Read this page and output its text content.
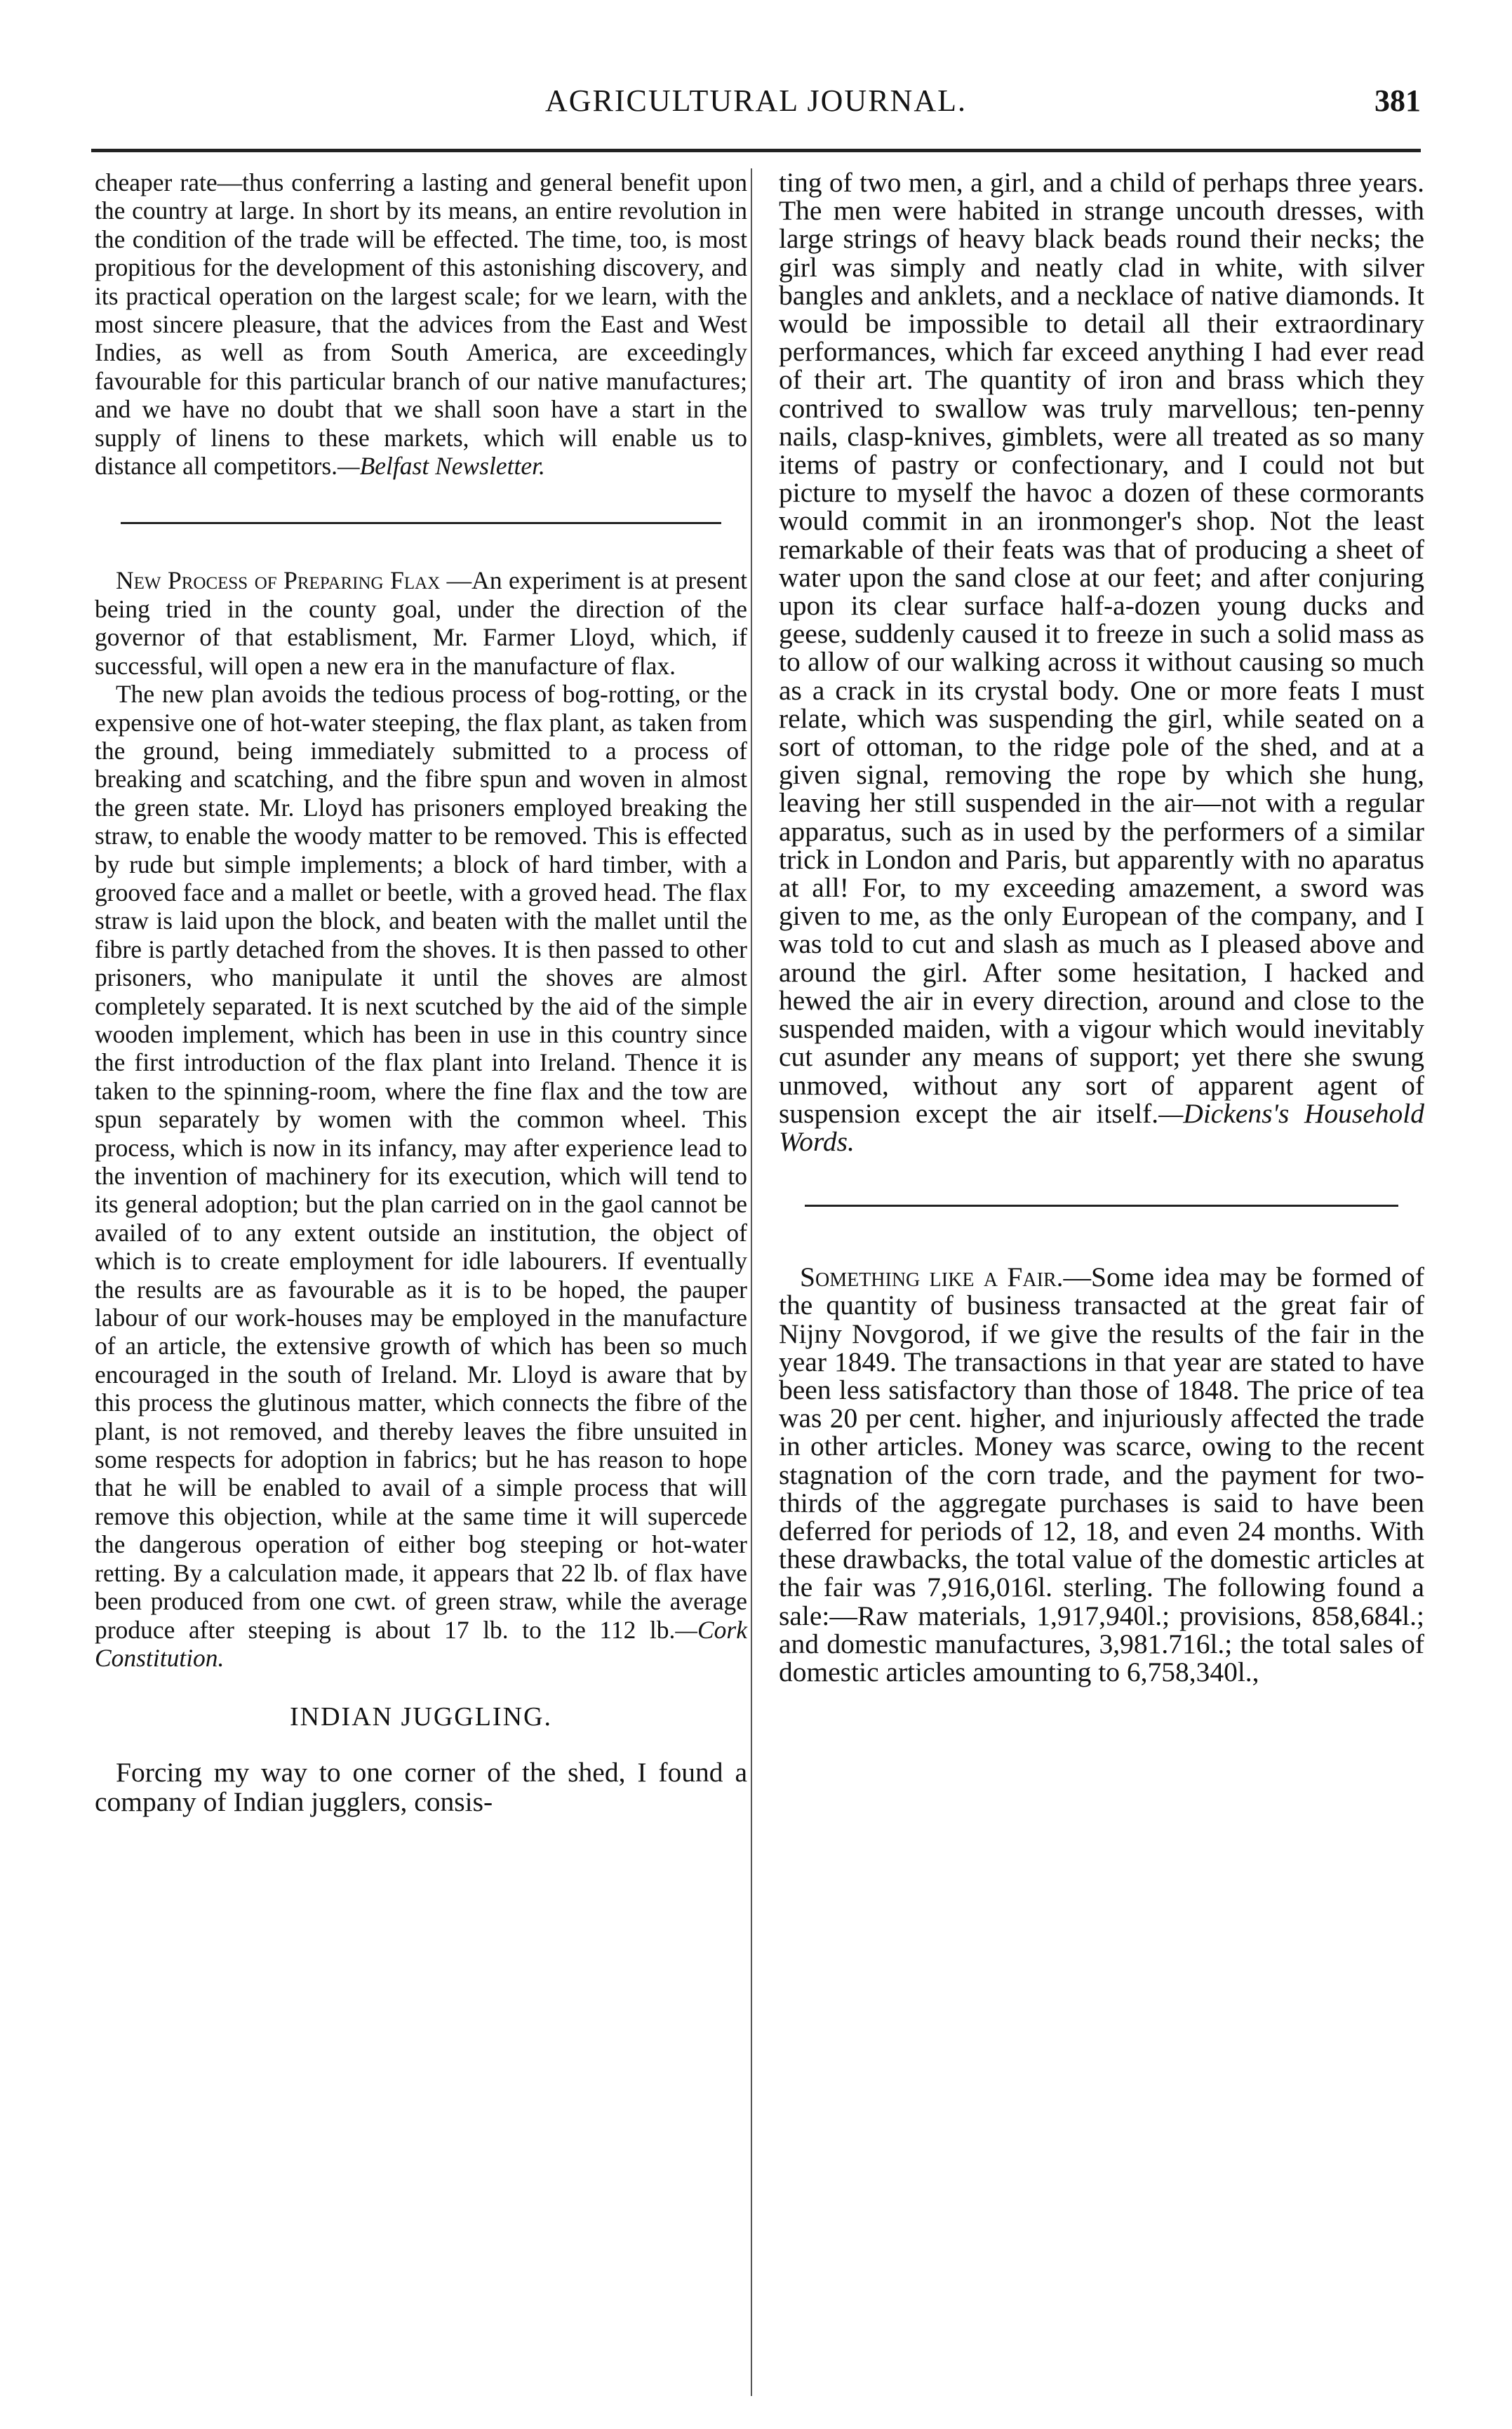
AGRICULTURAL JOURNAL.	381

cheaper rate—thus conferring a lasting and general benefit upon the country at large. In short by its means, an entire revolution in the condition of the trade will be effected. The time, too, is most propitious for the development of this astonishing discovery, and its practical operation on the largest scale; for we learn, with the most sincere pleasure, that the advices from the East and West Indies, as well as from South America, are exceedingly favourable for this particular branch of our native manufactures; and we have no doubt that we shall soon have a start in the supply of linens to these markets, which will enable us to distance all competitors.—Belfast Newsletter.

New Process of Preparing Flax —An experiment is at present being tried in the county goal, under the direction of the governor of that establisment, Mr. Farmer Lloyd, which, if successful, will open a new era in the manufacture of flax.

The new plan avoids the tedious process of bog-rotting, or the expensive one of hot-water steeping, the flax plant, as taken from the ground, being immediately submitted to a process of breaking and scatching, and the fibre spun and woven in almost the green state. Mr. Lloyd has prisoners employed breaking the straw, to enable the woody matter to be removed. This is effected by rude but simple implements; a block of hard timber, with a grooved face and a mallet or beetle, with a groved head. The flax straw is laid upon the block, and beaten with the mallet until the fibre is partly detached from the shoves. It is then passed to other prisoners, who manipulate it until the shoves are almost completely separated. It is next scutched by the aid of the simple wooden implement, which has been in use in this country since the first introduction of the flax plant into Ireland. Thence it is taken to the spinning-room, where the fine flax and the tow are spun separately by women with the common wheel. This process, which is now in its infancy, may after experience lead to the invention of machinery for its execution, which will tend to its general adoption; but the plan carried on in the gaol cannot be availed of to any extent outside an institution, the object of which is to create employment for idle labourers. If eventually the results are as favourable as it is to be hoped, the pauper labour of our work-houses may be employed in the manufacture of an article, the extensive growth of which has been so much encouraged in the south of Ireland. Mr. Lloyd is aware that by this process the glutinous matter, which connects the fibre of the plant, is not removed, and thereby leaves the fibre unsuited in some respects for adoption in fabrics; but he has reason to hope that he will be enabled to avail of a simple process that will remove this objection, while at the same time it will supercede the dangerous operation of either bog steeping or hot-water retting. By a calculation made, it appears that 22 lb. of flax have been produced from one cwt. of green straw, while the average produce after steeping is about 17 lb. to the 112 lb.—Cork Constitution.

INDIAN JUGGLING.

Forcing my way to one corner of the shed, I found a company of Indian jugglers, consis-

ting of two men, a girl, and a child of perhaps three years. The men were habited in strange uncouth dresses, with large strings of heavy black beads round their necks; the girl was simply and neatly clad in white, with silver bangles and anklets, and a necklace of native diamonds. It would be impossible to detail all their extraordinary performances, which far exceed anything I had ever read of their art. The quantity of iron and brass which they contrived to swallow was truly marvellous; ten-penny nails, clasp-knives, gimblets, were all treated as so many items of pastry or confectionary, and I could not but picture to myself the havoc a dozen of these cormorants would commit in an ironmonger's shop. Not the least remarkable of their feats was that of producing a sheet of water upon the sand close at our feet; and after conjuring upon its clear surface half-a-dozen young ducks and geese, suddenly caused it to freeze in such a solid mass as to allow of our walking across it without causing so much as a crack in its crystal body. One or more feats I must relate, which was suspending the girl, while seated on a sort of ottoman, to the ridge pole of the shed, and at a given signal, removing the rope by which she hung, leaving her still suspended in the air—not with a regular apparatus, such as in used by the performers of a similar trick in London and Paris, but apparently with no aparatus at all! For, to my exceeding amazement, a sword was given to me, as the only European of the company, and I was told to cut and slash as much as I pleased above and around the girl. After some hesitation, I hacked and hewed the air in every direction, around and close to the suspended maiden, with a vigour which would inevitably cut asunder any means of support; yet there she swung unmoved, without any sort of apparent agent of suspension except the air itself.—Dickens's Household Words.

Something like a Fair.—Some idea may be formed of the quantity of business transacted at the great fair of Nijny Novgorod, if we give the results of the fair in the year 1849. The transactions in that year are stated to have been less satisfactory than those of 1848. The price of tea was 20 per cent. higher, and injuriously affected the trade in other articles. Money was scarce, owing to the recent stagnation of the corn trade, and the payment for two-thirds of the aggregate purchases is said to have been deferred for periods of 12, 18, and even 24 months. With these drawbacks, the total value of the domestic articles at the fair was 7,916,016l. sterling. The following found a sale:—Raw materials, 1,917,940l.; provisions, 858,684l.; and domestic manufactures, 3,981.716l.; the total sales of domestic articles amounting to 6,758,340l.,
